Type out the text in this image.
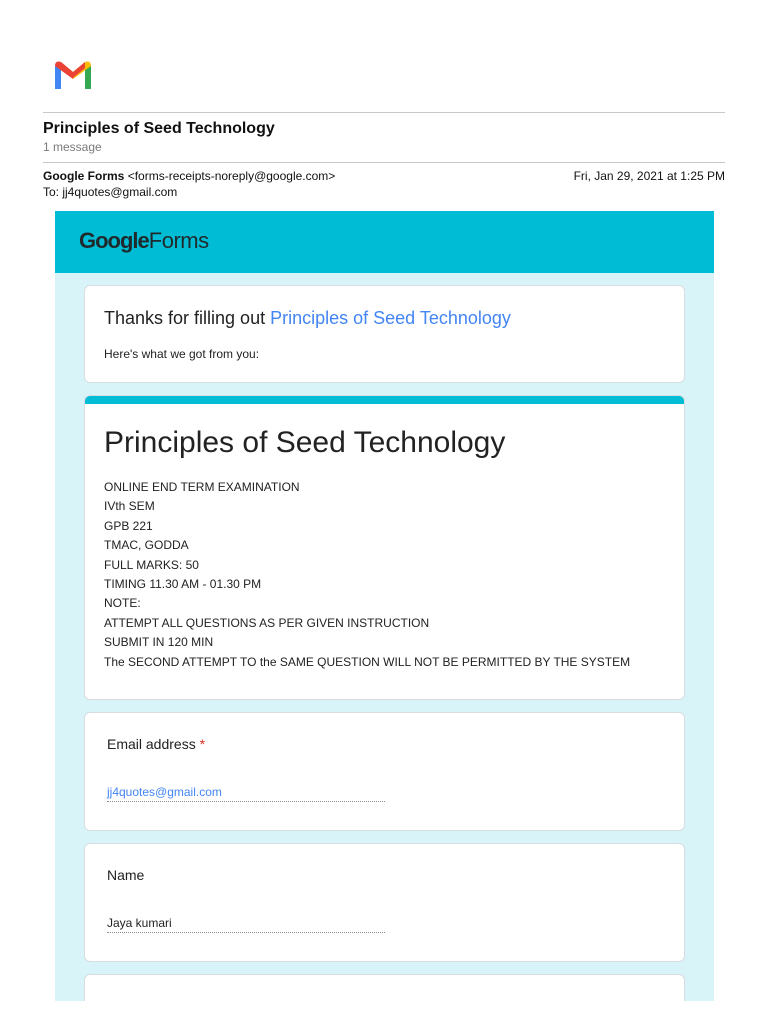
Principles of Seed Technology
1 message
Google Forms <forms-receipts-noreply@google.com>
To: jj4quotes@gmail.com
Fri, Jan 29, 2021 at 1:25 PM
GoogleForms
Thanks for filling out Principles of Seed Technology
Here's what we got from you:
Principles of Seed Technology
ONLINE END TERM EXAMINATION
IVth SEM
GPB 221
TMAC, GODDA
FULL MARKS: 50
TIMING 11.30 AM - 01.30 PM
NOTE:
ATTEMPT ALL QUESTIONS AS PER GIVEN INSTRUCTION
SUBMIT IN 120 MIN
The SECOND ATTEMPT TO the SAME QUESTION WILL NOT BE PERMITTED BY THE SYSTEM
Email address *
jj4quotes@gmail.com
Name
Jaya kumari
